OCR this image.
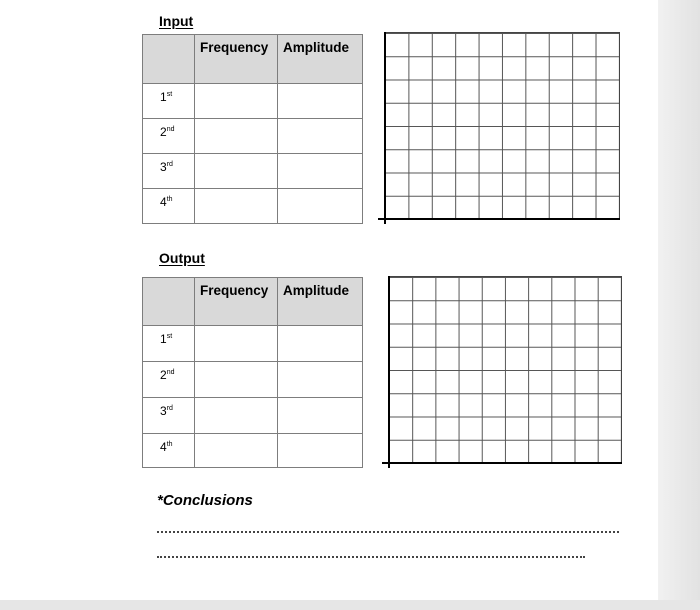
Input
	Frequency	Amplitude
1st		
2nd		
3rd		
4th		
Output
	Frequency	Amplitude
1st		
2nd		
3rd		
4th		
*Conclusions
